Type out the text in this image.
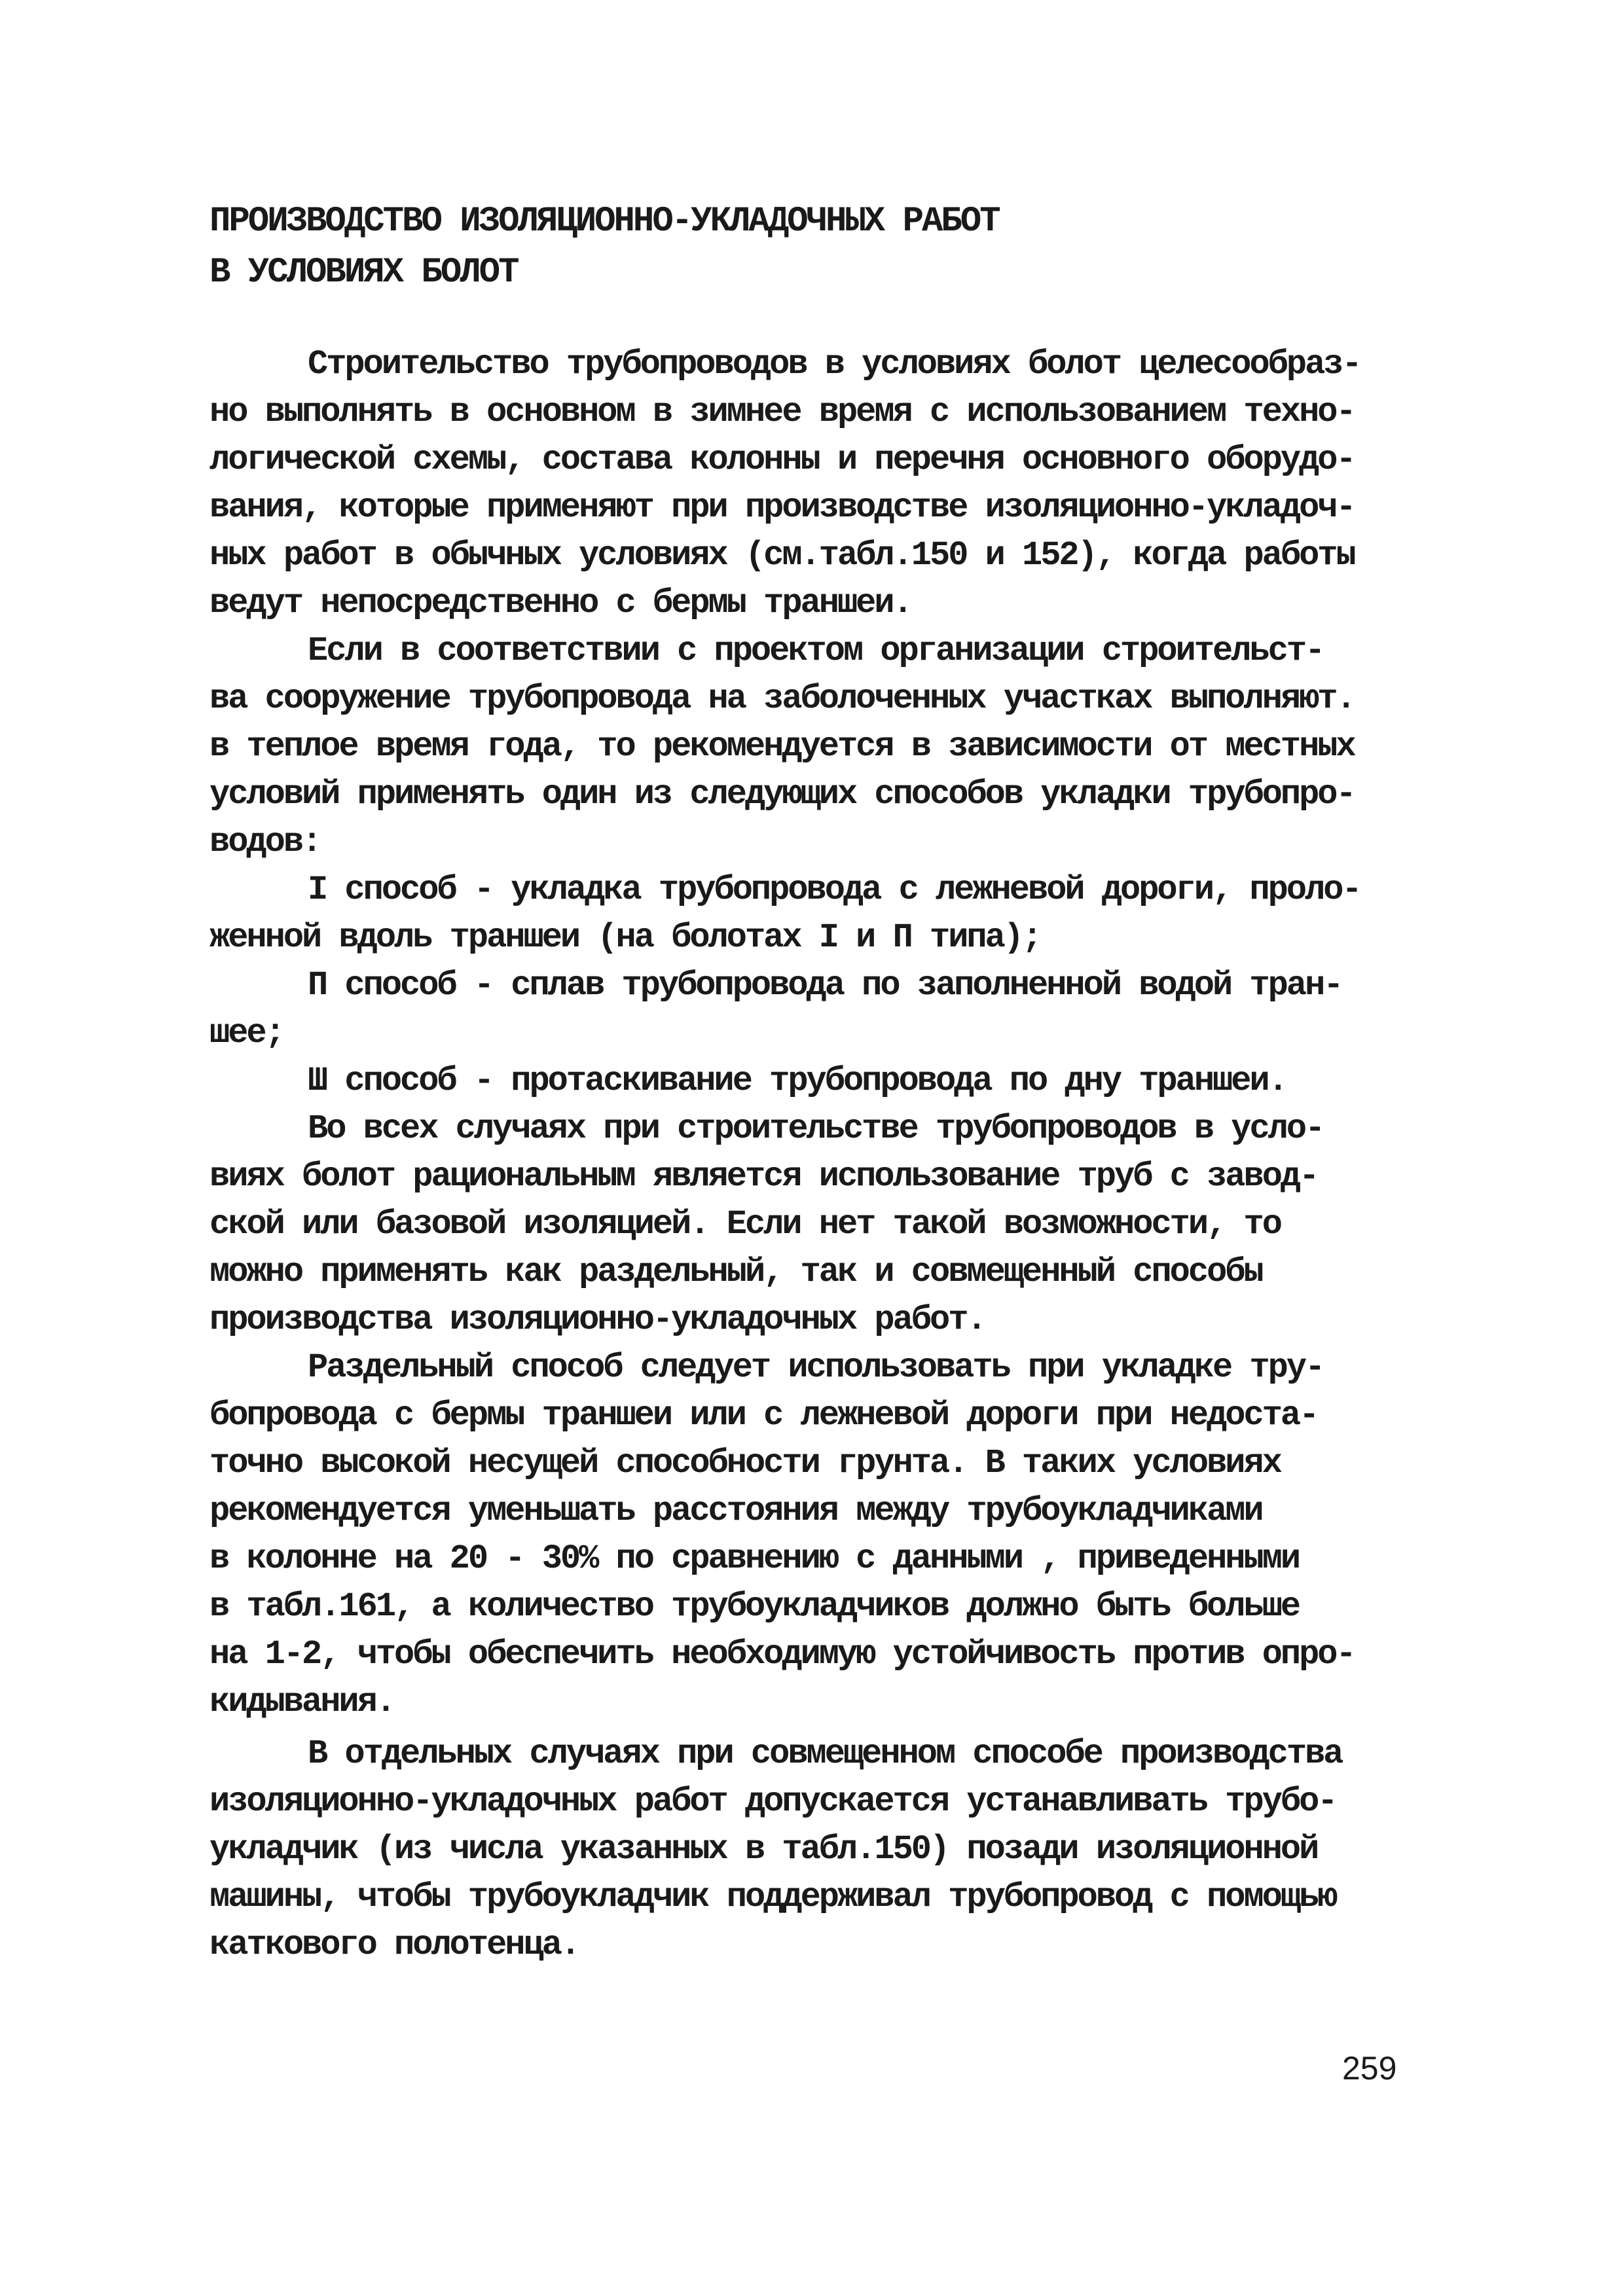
ПРОИЗВОДСТВО ИЗОЛЯЦИОННО-УКЛАДОЧНЫХ РАБОТ
В УСЛОВИЯХ БОЛОТ
Строительство трубопроводов в условиях болот целесообраз-
но выполнять в основном в зимнее время с использованием техно-
логической схемы, состава колонны и перечня основного оборудо-
вания, которые применяют при производстве изоляционно-укладоч-
ных работ в обычных условиях (см.табл.150 и 152), когда работы
ведут непосредственно с бермы траншеи.
Если в соответствии с проектом организации строительст-
ва сооружение трубопровода на заболоченных участках выполняют.
в теплое время года, то рекомендуется в зависимости от местных
условий применять один из следующих способов укладки трубопро-
водов:
I способ - укладка трубопровода с лежневой дороги, проло-
женной вдоль траншеи (на болотах I и П типа);
П способ - сплав трубопровода по заполненной водой тран-
шее;
Ш способ - протаскивание трубопровода по дну траншеи.
Во всех случаях при строительстве трубопроводов в усло-
виях болот рациональным является использование труб с завод-
ской или базовой изоляцией. Если нет такой возможности, то
можно применять как раздельный, так и совмещенный способы
производства изоляционно-укладочных работ.
Раздельный способ следует использовать при укладке тру-
бопровода с бермы траншеи или с лежневой дороги при недоста-
точно высокой несущей способности грунта. В таких условиях
рекомендуется уменьшать расстояния между трубоукладчиками
в колонне на 20 - 30% по сравнению с данными , приведенными
в табл.161, а количество трубоукладчиков должно быть больше
на 1-2, чтобы обеспечить необходимую устойчивость против опро-
кидывания.
В отдельных случаях при совмещенном способе производства
изоляционно-укладочных работ допускается устанавливать трубо-
укладчик (из числа указанных в табл.150) позади изоляционной
машины, чтобы трубоукладчик поддерживал трубопровод с помощью
каткового полотенца.
259
